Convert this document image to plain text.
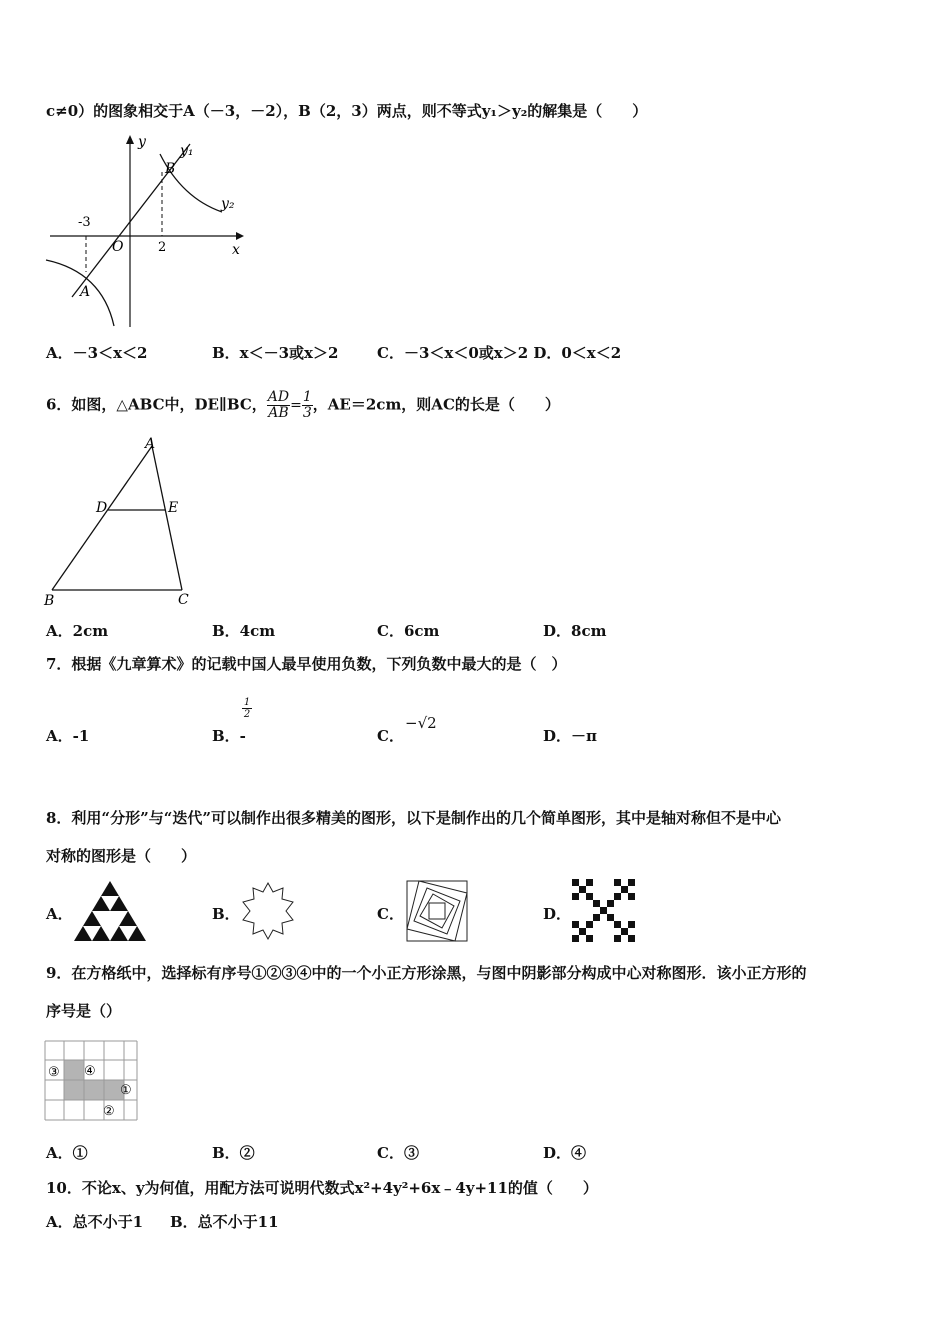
c≠0）的图象相交于A（－3，－2），B（2，3）两点，则不等式y₁＞y₂的解集是（　　）
y
y₁
B
y₂
-3
O	2	x
A
A．－3＜x＜2	B．x＜－3或x＞2	C．－3＜x＜0或x＞2 D．0＜x＜2
6．如图，△ABC中，DE∥BC， $\frac{AD}{AB} = \frac{1}{3}$ ，AE＝2cm，则AC的长是（　　）
A
D	E
B	C
A．2cm	B．4cm	C．6cm	D．8cm
7．根据《九章算术》的记载中国人最早使用负数，下列负数中最大的是（　）
A．-1	B．-
$\frac{1}{2}$
C．
−√2
D．－π
8．利用“分形”与“迭代”可以制作出很多精美的图形，以下是制作出的几个简单图形，其中是轴对称但不是中心
对称的图形是（　　）
A．	B．	C．	D．
9．在方格纸中，选择标有序号①②③④中的一个小正方形涂黑，与图中阴影部分构成中心对称图形．该小正方形的
序号是（）
③ ④
①
②
A．①	B．②	C．③	D．④
10．不论x、y为何值，用配方法可说明代数式x²+4y²+6x﹣4y+11的值（　　）
A．总不小于1 B．总不小于11
